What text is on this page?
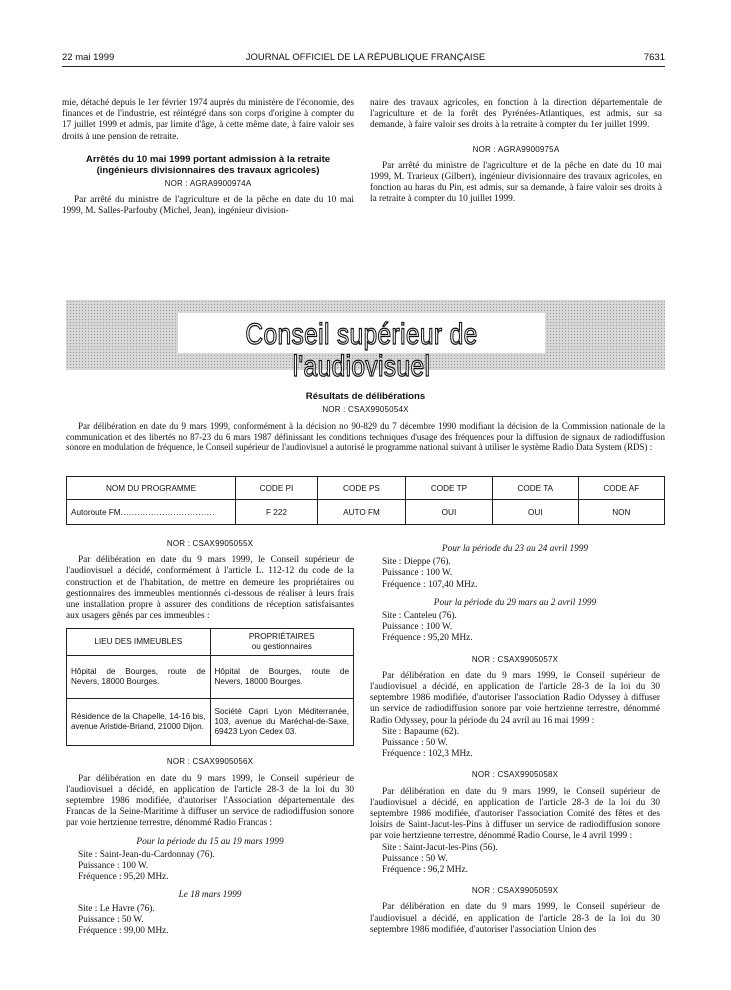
22 mai 1999	JOURNAL OFFICIEL DE LA RÉPUBLIQUE FRANÇAISE	7631

mie, détaché depuis le 1er février 1974 auprès du ministère de l'économie, des finances et de l'industrie, est réintégré dans son corps d'origine à compter du 17 juillet 1999 et admis, par limite d'âge, à cette même date, à faire valoir ses droits à une pension de retraite.

Arrêtés du 10 mai 1999 portant admission à la retraite (ingénieurs divisionnaires des travaux agricoles)
NOR : AGRA9900974A

Par arrêté du ministre de l'agriculture et de la pêche en date du 10 mai 1999, M. Salles-Parfouby (Michel, Jean), ingénieur division-

naire des travaux agricoles, en fonction à la direction départementale de l'agriculture et de la forêt des Pyrénées-Atlantiques, est admis, sur sa demande, à faire valoir ses droits à la retraite à compter du 1er juillet 1999.

NOR : AGRA9900975A

Par arrêté du ministre de l'agriculture et de la pêche en date du 10 mai 1999, M. Trarieux (Gilbert), ingénieur divisionnaire des travaux agricoles, en fonction au haras du Pin, est admis, sur sa demande, à faire valoir ses droits à la retraite à compter du 10 juillet 1999.

Conseil supérieur de l'audiovisuel
Résultats de délibérations
NOR : CSAX9905054X

Par délibération en date du 9 mars 1999, conformément à la décision no 90-829 du 7 décembre 1990 modifiant la décision de la Commission nationale de la communication et des libertés no 87-23 du 6 mars 1987 définissant les conditions techniques d'usage des fréquences pour la diffusion de signaux de radiodiffusion sonore en modulation de fréquence, le Conseil supérieur de l'audiovisuel a autorisé le programme national suivant à utiliser le système Radio Data System (RDS) :

NOM DU PROGRAMME	CODE PI	CODE PS	CODE TP	CODE TA	CODE AF
Autoroute FM..................................	F 222	AUTO FM	OUI	OUI	NON
NOR : CSAX9905055X

Par délibération en date du 9 mars 1999, le Conseil supérieur de l'audiovisuel a décidé, conformément à l'article L. 112-12 du code de la construction et de l'habitation, de mettre en demeure les propriétaires ou gestionnaires des immeubles mentionnés ci-dessous de réaliser à leurs frais une installation propre à assurer des conditions de réception satisfaisantes aux usagers gênés par ces immeubles :

LIEU DES IMMEUBLES	PROPRIÉTAIRES
ou gestionnaires

Hôpital de Bourges, route de Nevers, 18000 Bourges.	Hôpital de Bourges, route de Nevers, 18000 Bourges.
Résidence de la Chapelle, 14-16 bis, avenue Aristide-Briand, 21000 Dijon.	Société Capri Lyon Méditerranée, 103, avenue du Maréchal-de-Saxe, 69423 Lyon Cedex 03.
NOR : CSAX9905056X

Par délibération en date du 9 mars 1999, le Conseil supérieur de l'audiovisuel a décidé, en application de l'article 28-3 de la loi du 30 septembre 1986 modifiée, d'autoriser l'Association départementale des Francas de la Seine-Maritime à diffuser un service de radiodiffusion sonore par voie hertzienne terrestre, dénommé Radio Francas :

Pour la période du 15 au 19 mars 1999
Site : Saint-Jean-du-Cardonnay (76).
Puissance : 100 W.
Fréquence : 95,20 MHz.
Le 18 mars 1999
Site : Le Havre (76).
Puissance : 50 W.
Fréquence : 99,00 MHz.
Pour la période du 23 au 24 avril 1999
Site : Dieppe (76).
Puissance : 100 W.
Fréquence : 107,40 MHz.
Pour la période du 29 mars au 2 avril 1999
Site : Canteleu (76).
Puissance : 100 W.
Fréquence : 95,20 MHz.
NOR : CSAX9905057X

Par délibération en date du 9 mars 1999, le Conseil supérieur de l'audiovisuel a décidé, en application de l'article 28-3 de la loi du 30 septembre 1986 modifiée, d'autoriser l'association Radio Odyssey à diffuser un service de radiodiffusion sonore par voie hertzienne terrestre, dénommé Radio Odyssey, pour la période du 24 avril au 16 mai 1999 :

Site : Bapaume (62).
Puissance : 50 W.
Fréquence : 102,3 MHz.
NOR : CSAX9905058X

Par délibération en date du 9 mars 1999, le Conseil supérieur de l'audiovisuel a décidé, en application de l'article 28-3 de la loi du 30 septembre 1986 modifiée, d'autoriser l'association Comité des fêtes et des loisirs de Saint-Jacut-les-Pins à diffuser un service de radiodiffusion sonore par voie hertzienne terrestre, dénommé Radio Course, le 4 avril 1999 :

Site : Saint-Jacut-les-Pins (56).
Puissance : 50 W.
Fréquence : 96,2 MHz.
NOR : CSAX9905059X

Par délibération en date du 9 mars 1999, le Conseil supérieur de l'audiovisuel a décidé, en application de l'article 28-3 de la loi du 30 septembre 1986 modifiée, d'autoriser l'association Union des
